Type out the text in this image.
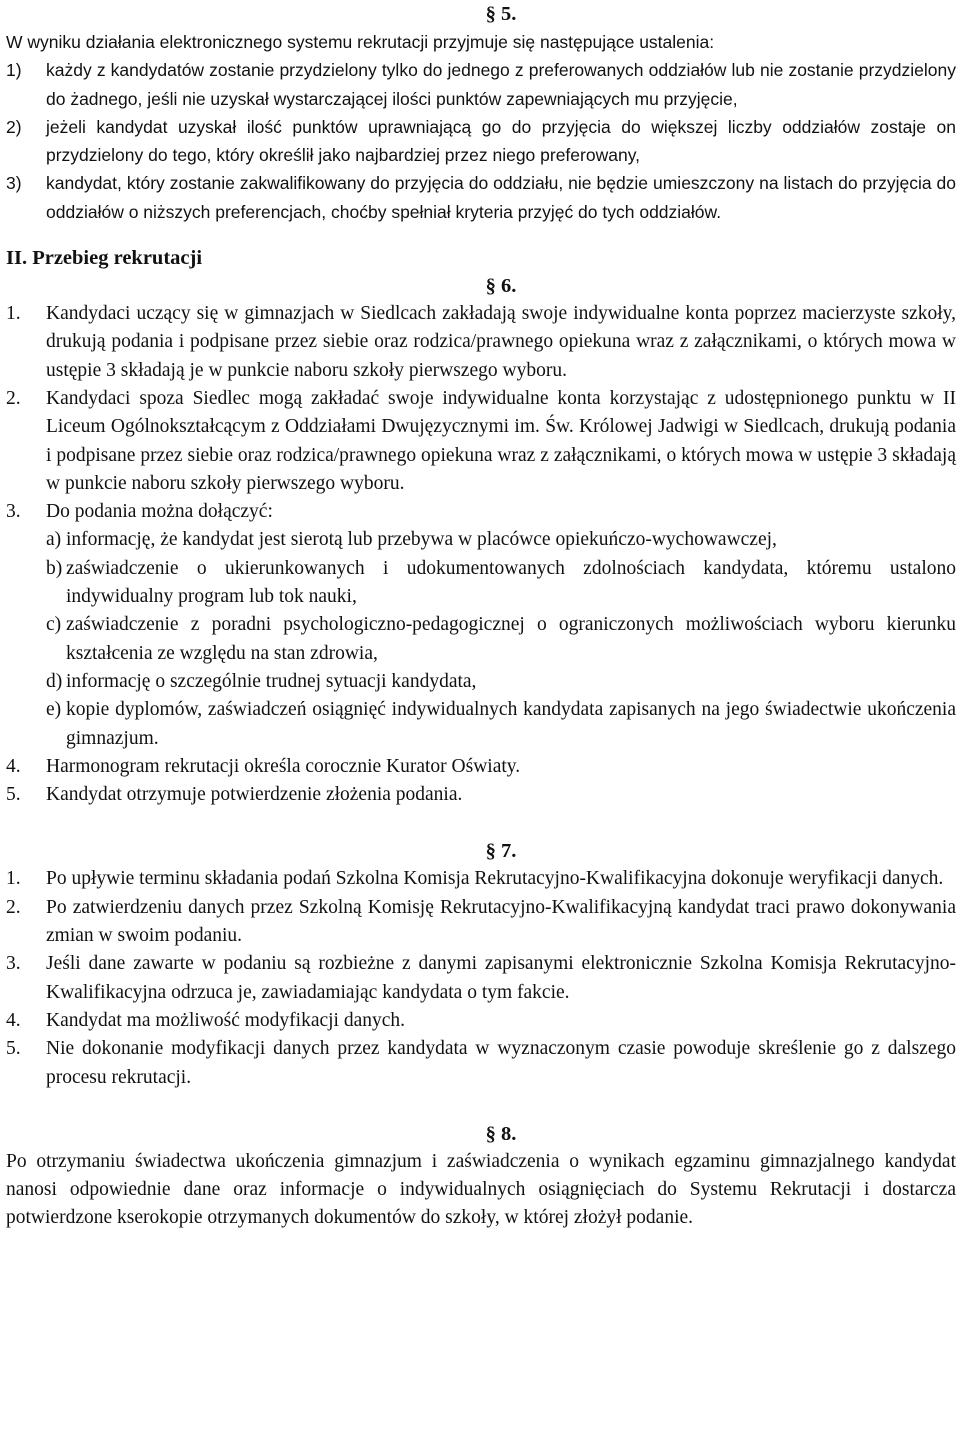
§ 5.

W wyniku działania elektronicznego systemu rekrutacji przyjmuje się następujące ustalenia:

1)	każdy z kandydatów zostanie przydzielony tylko do jednego z preferowanych oddziałów lub nie zostanie przydzielony do żadnego, jeśli nie uzyskał wystarczającej ilości punktów zapewniających mu przyjęcie,
2)	jeżeli kandydat uzyskał ilość punktów uprawniającą go do przyjęcia do większej liczby oddziałów zostaje on przydzielony do tego, który określił jako najbardziej przez niego preferowany,
3)	kandydat, który zostanie zakwalifikowany do przyjęcia do oddziału, nie będzie umieszczony na listach do przyjęcia do oddziałów o niższych preferencjach, choćby spełniał kryteria przyjęć do tych oddziałów.
II. Przebieg rekrutacji
§ 6.
1.	Kandydaci uczący się w gimnazjach w Siedlcach zakładają swoje indywidualne konta poprzez macierzyste szkoły, drukują podania i podpisane przez siebie oraz rodzica/prawnego opiekuna wraz z załącznikami, o których mowa w ustępie 3 składają je w punkcie naboru szkoły pierwszego wyboru.
2.	Kandydaci spoza Siedlec mogą zakładać swoje indywidualne konta korzystając z udostępnionego punktu w II Liceum Ogólnokształcącym z Oddziałami Dwujęzycznymi im. Św. Królowej Jadwigi w Siedlcach, drukują podania i podpisane przez siebie oraz rodzica/prawnego opiekuna wraz z załącznikami, o których mowa w ustępie 3 składają w punkcie naboru szkoły pierwszego wyboru.
3.	Do podania można dołączyć:
a) informację, że kandydat jest sierotą lub przebywa w placówce opiekuńczo-wychowawczej,
b) zaświadczenie o ukierunkowanych i udokumentowanych zdolnościach kandydata, któremu ustalono indywidualny program lub tok nauki,
c) zaświadczenie z poradni psychologiczno-pedagogicznej o ograniczonych możliwościach wyboru kierunku kształcenia ze względu na stan zdrowia,
d) informację o szczególnie trudnej sytuacji kandydata,
e) kopie dyplomów, zaświadczeń osiągnięć indywidualnych kandydata zapisanych na jego świadectwie ukończenia gimnazjum.
4.	Harmonogram rekrutacji określa corocznie Kurator Oświaty.
5.	Kandydat otrzymuje potwierdzenie złożenia podania.
§ 7.
1.	Po upływie terminu składania podań Szkolna Komisja Rekrutacyjno-Kwalifikacyjna dokonuje weryfikacji danych.
2.	Po zatwierdzeniu danych przez Szkolną Komisję Rekrutacyjno-Kwalifikacyjną kandydat traci prawo dokonywania zmian w swoim podaniu.
3.	Jeśli dane zawarte w podaniu są rozbieżne z danymi zapisanymi elektronicznie Szkolna Komisja Rekrutacyjno-Kwalifikacyjna odrzuca je, zawiadamiając kandydata o tym fakcie.
4.	Kandydat ma możliwość modyfikacji danych.
5.	Nie dokonanie modyfikacji danych przez kandydata w wyznaczonym czasie powoduje skreślenie go z dalszego procesu rekrutacji.
§ 8.

Po otrzymaniu świadectwa ukończenia gimnazjum i zaświadczenia o wynikach egzaminu gimnazjalnego kandydat nanosi odpowiednie dane oraz informacje o indywidualnych osiągnięciach do Systemu Rekrutacji i dostarcza potwierdzone kserokopie otrzymanych dokumentów do szkoły, w której złożył podanie.
